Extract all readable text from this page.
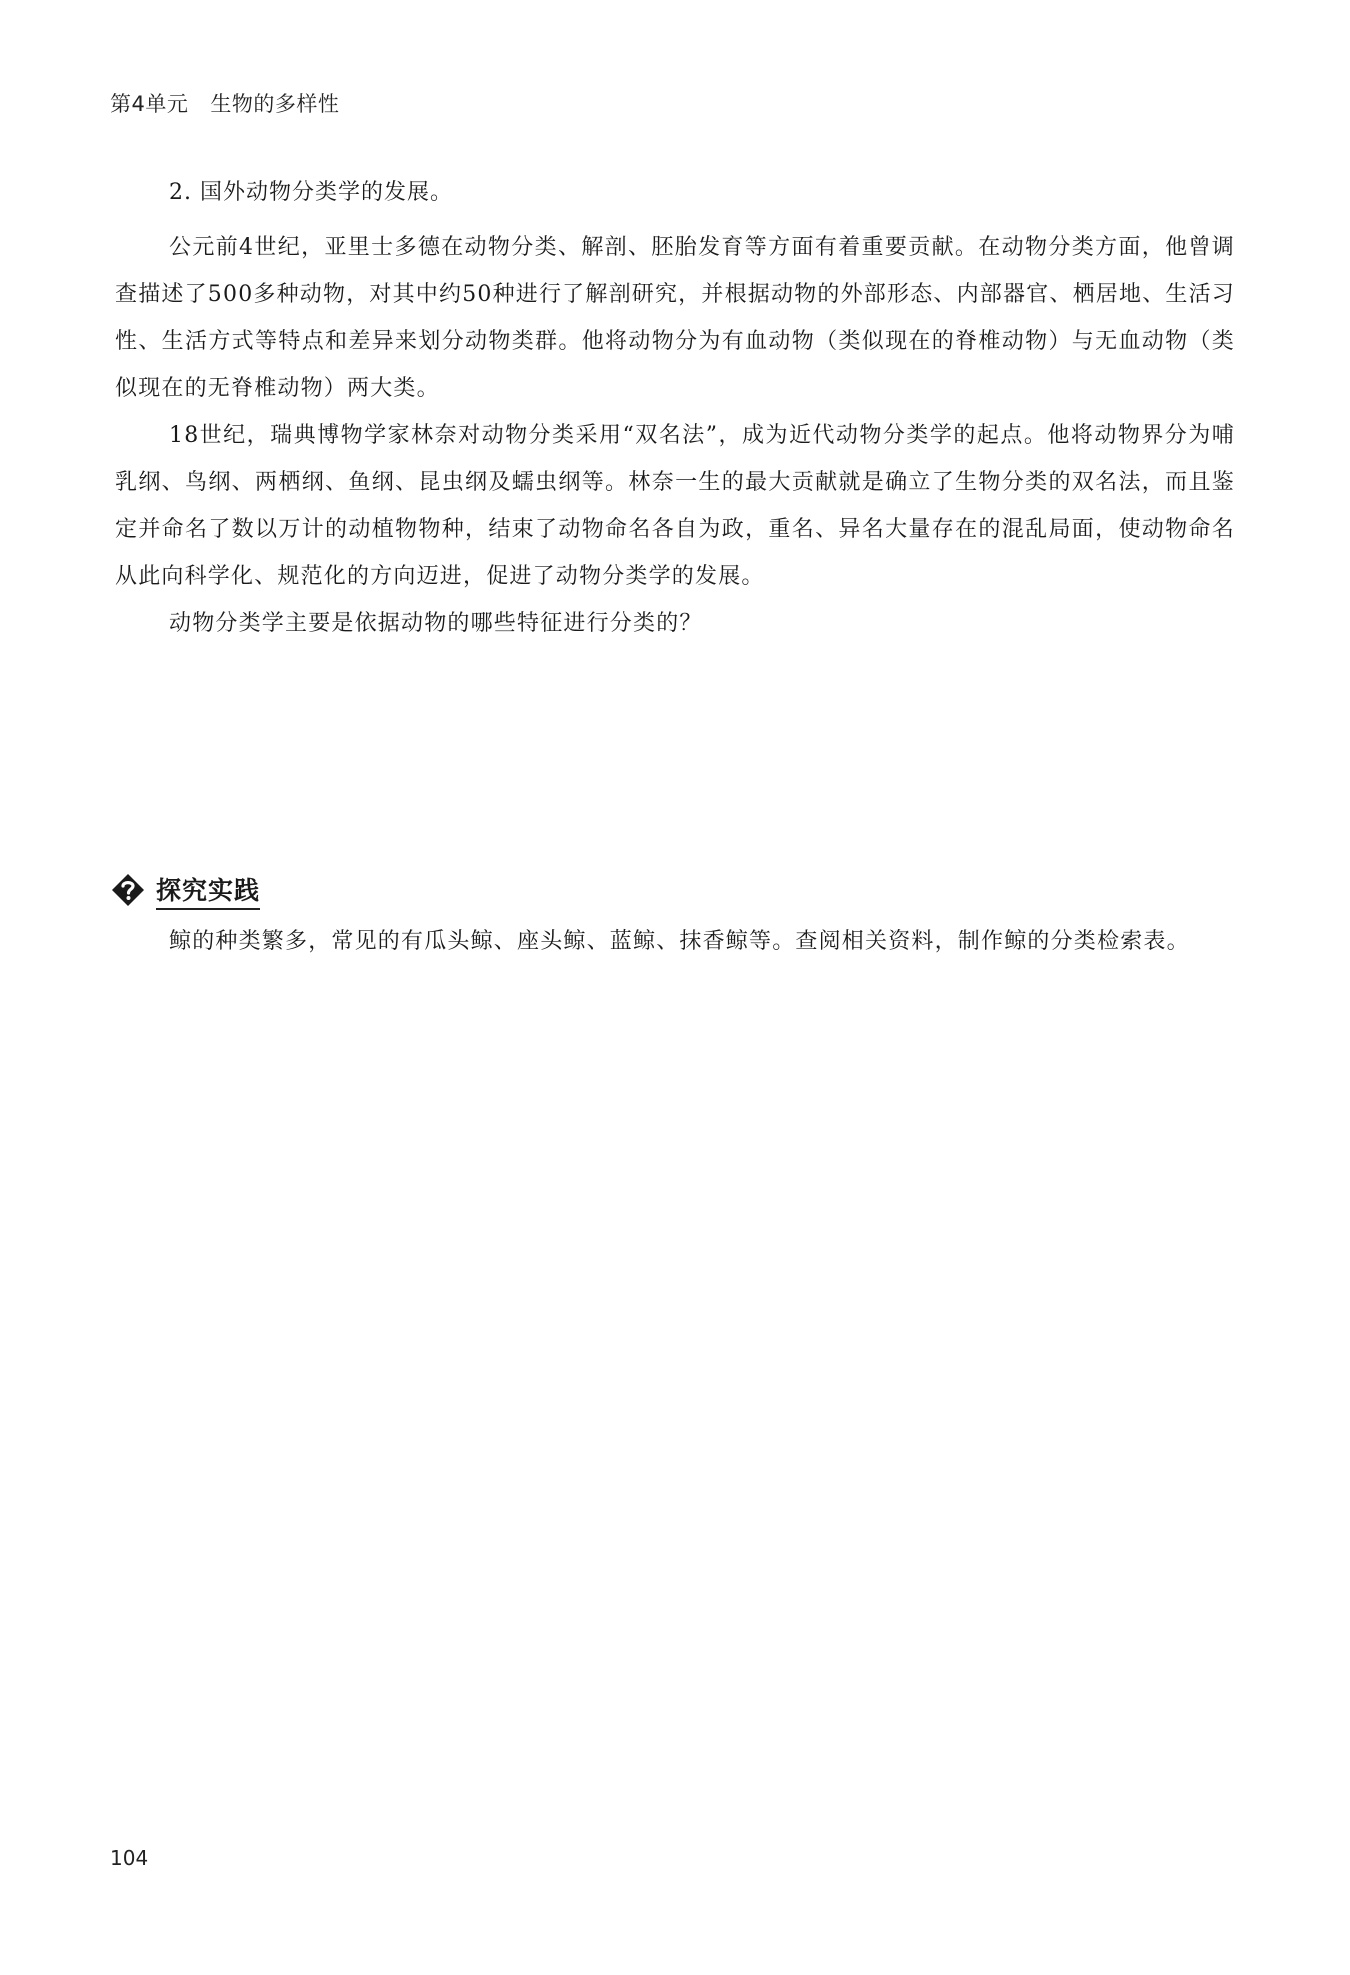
第4单元 生物的多样性

2. 国外动物分类学的发展。

公元前4世纪，亚里士多德在动物分类、解剖、胚胎发育等方面有着重要贡献。在动物分类方面，他曾调查描述了500多种动物，对其中约50种进行了解剖研究，并根据动物的外部形态、内部器官、栖居地、生活习性、生活方式等特点和差异来划分动物类群。他将动物分为有血动物（类似现在的脊椎动物）与无血动物（类似现在的无脊椎动物）两大类。

18世纪，瑞典博物学家林奈对动物分类采用“双名法”，成为近代动物分类学的起点。他将动物界分为哺乳纲、鸟纲、两栖纲、鱼纲、昆虫纲及蠕虫纲等。林奈一生的最大贡献就是确立了生物分类的双名法，而且鉴定并命名了数以万计的动植物物种，结束了动物命名各自为政，重名、异名大量存在的混乱局面，使动物命名从此向科学化、规范化的方向迈进，促进了动物分类学的发展。

动物分类学主要是依据动物的哪些特征进行分类的？

探究实践

鲸的种类繁多，常见的有瓜头鲸、座头鲸、蓝鲸、抹香鲸等。查阅相关资料，制作鲸的分类检索表。

104
